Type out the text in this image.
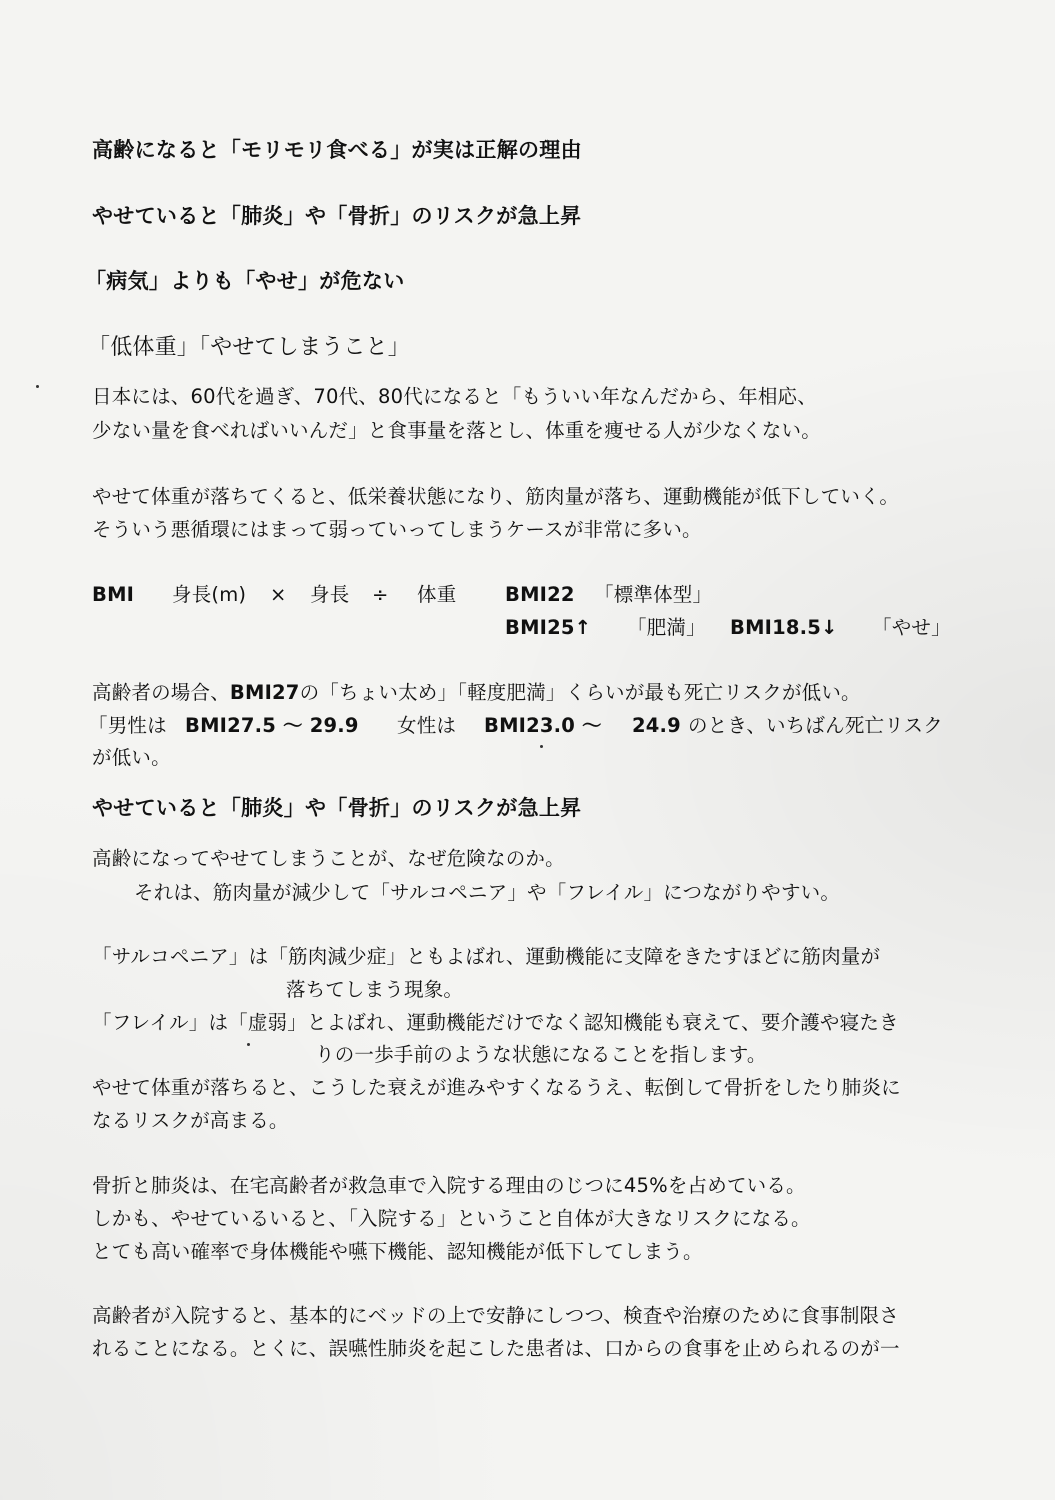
高齢になると「モリモリ食べる」が実は正解の理由

やせていると「肺炎」や「骨折」のリスクが急上昇

「病気」よりも「やせ」が危ない

「低体重」「やせてしまうこと」

日本には、60代を過ぎ、70代、80代になると「もういい年なんだから、年相応、

少ない量を食べればいいんだ」と食事量を落とし、体重を痩せる人が少なくない。

やせて体重が落ちてくると、低栄養状態になり、筋肉量が落ち、運動機能が低下していく。

そういう悪循環にはまって弱っていってしまうケースが非常に多い。

BMI 身長(m) × 身長 ÷ 体重 BMI22 「標準体型」
BMI25↑ 「肥満」 BMI18.5↓ 「やせ」

高齢者の場合、BMI27の「ちょい太め」「軽度肥満」くらいが最も死亡リスクが低い。

「男性は BMI27.5 ～ 29.9 女性は BMI23.0 ～ 24.9 のとき、いちばん死亡リスク

が低い。

やせていると「肺炎」や「骨折」のリスクが急上昇

高齢になってやせてしまうことが、なぜ危険なのか。

それは、筋肉量が減少して「サルコペニア」や「フレイル」につながりやすい。

「サルコペニア」は「筋肉減少症」ともよばれ、運動機能に支障をきたすほどに筋肉量が

落ちてしまう現象。

「フレイル」は「虚弱」とよばれ、運動機能だけでなく認知機能も衰えて、要介護や寝たき

りの一歩手前のような状態になることを指します。

やせて体重が落ちると、こうした衰えが進みやすくなるうえ、転倒して骨折をしたり肺炎に

なるリスクが高まる。

骨折と肺炎は、在宅高齢者が救急車で入院する理由のじつに45%を占めている。

しかも、やせているいると、「入院する」ということ自体が大きなリスクになる。

とても高い確率で身体機能や嚥下機能、認知機能が低下してしまう。

高齢者が入院すると、基本的にベッドの上で安静にしつつ、検査や治療のために食事制限さ

れることになる。とくに、誤嚥性肺炎を起こした患者は、口からの食事を止められるのが一
